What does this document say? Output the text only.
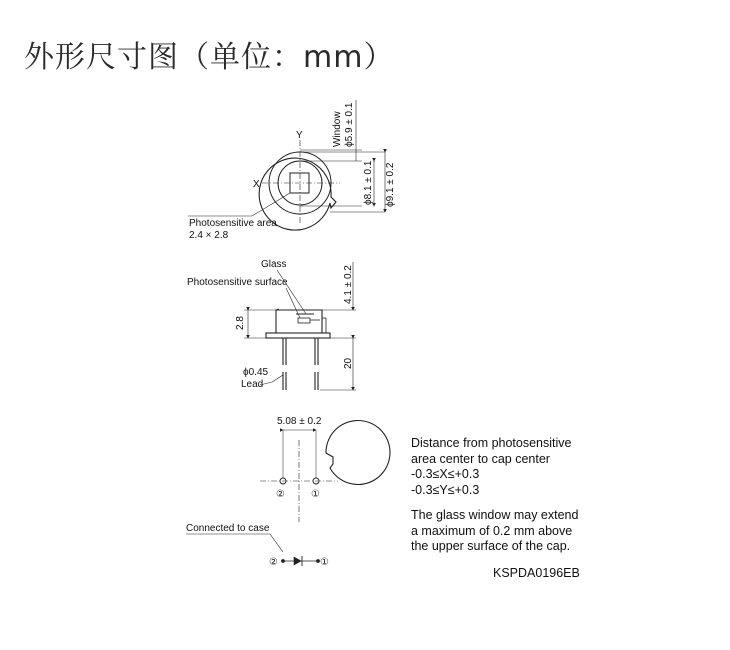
外形尺寸图（单位：mm）
Y
X
Window ϕ5.9 ± 0.1
ϕ8.1 ± 0.1 ϕ9.1 ± 0.2
Photosensitive area
2.4 × 2.8
Glass
Photosensitive surface	4.1 ± 0.2
2.8
20
ϕ0.45
Lead
5.08 ± 0.2
②	①
Connected to case
②	①
Distance from photosensitive
area center to cap center
-0.3≤X≤+0.3
-0.3≤Y≤+0.3
The glass window may extend
a maximum of 0.2 mm above
the upper surface of the cap.
KSPDA0196EB
